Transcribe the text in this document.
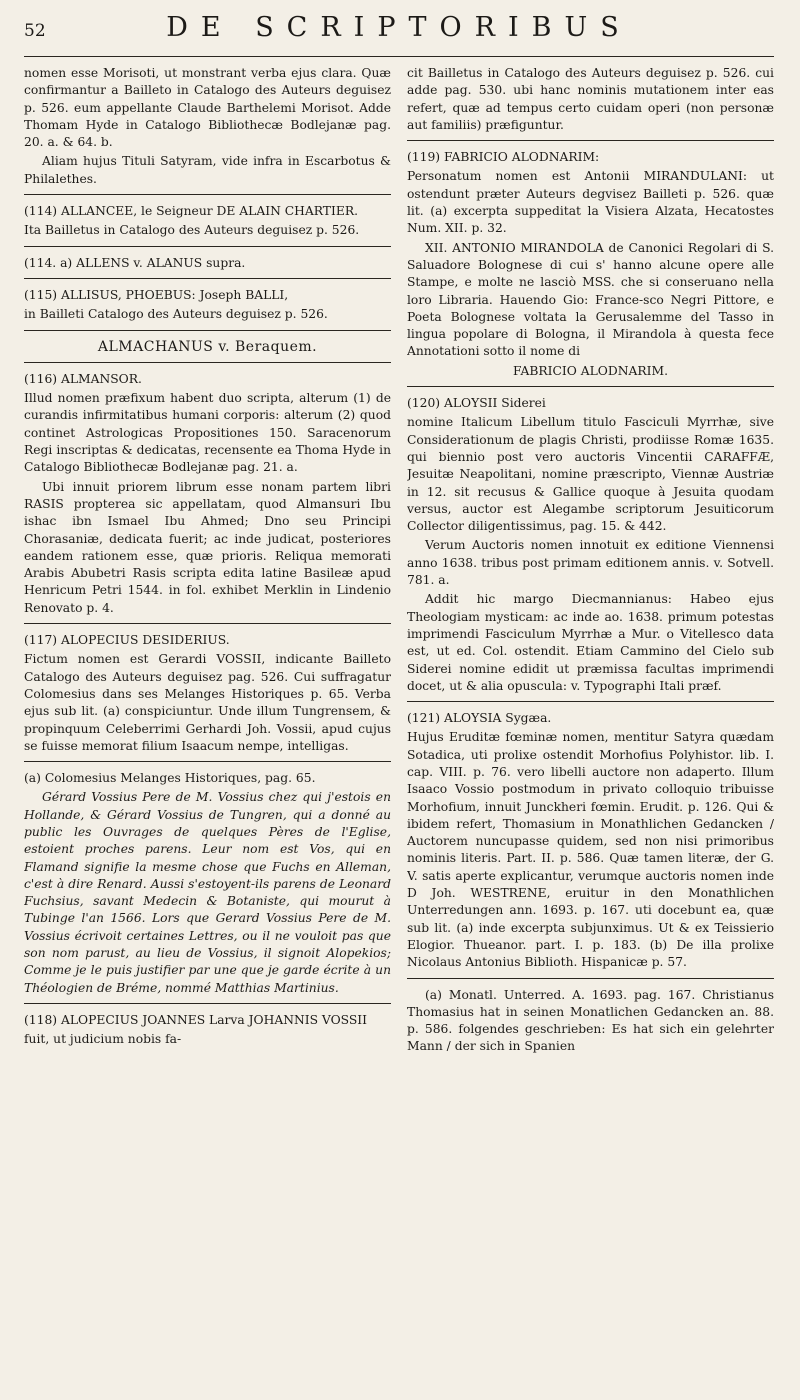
52	DE SCRIPTORIBUS

nomen esse Morisoti, ut monstrant verba ejus clara. Quæ confirmantur a Bailleto in Catalogo des Auteurs deguisez p. 526. eum appellante Claude Barthelemi Morisot. Adde Thomam Hyde in Catalogo Bibliothecæ Bodlejanæ pag. 20. a. & 64. b.

Aliam hujus Tituli Satyram, vide infra in Escarbotus & Philalethes.

(114) ALLANCEE, le Seigneur DE ALAIN CHARTIER.

Ita Bailletus in Catalogo des Auteurs deguisez p. 526.

(114. a) ALLENS v. ALANUS supra.

(115) ALLISUS, PHOEBUS: Joseph BALLI,

in Bailleti Catalogo des Auteurs deguisez p. 526.

ALMACHANUS v. Beraquem.

(116) ALMANSOR.

Illud nomen præfixum habent duo scripta, alterum (1) de curandis infirmitatibus humani corporis: alterum (2) quod continet Astrologicas Propositiones 150. Saracenorum Regi inscriptas & dedicatas, recensente ea Thoma Hyde in Catalogo Bibliothecæ Bodlejanæ pag. 21. a.

Ubi innuit priorem librum esse nonam partem libri RASIS propterea sic appellatam, quod Almansuri Ibu ishac ibn Ismael Ibu Ahmed; Dno seu Principi Chorasaniæ, dedicata fuerit; ac inde judicat, posteriores eandem rationem esse, quæ prioris. Reliqua memorati Arabis Abubetri Rasis scripta edita latine Basileæ apud Henricum Petri 1544. in fol. exhibet Merklin in Lindenio Renovato p. 4.

(117) ALOPECIUS DESIDERIUS.

Fictum nomen est Gerardi VOSSII, indicante Bailleto Catalogo des Auteurs deguisez pag. 526. Cui suffragatur Colomesius dans ses Melanges Historiques p. 65. Verba ejus sub lit. (a) conspiciuntur. Unde illum Tungrensem, & propinquum Celeberrimi Gerhardi Joh. Vossii, apud cujus se fuisse memorat filium Isaacum nempe, intelligas.

(a) Colomesius Melanges Historiques, pag. 65.

Gérard Vossius Pere de M. Vossius chez qui j'estois en Hollande, & Gérard Vossius de Tungren, qui a donné au public les Ouvrages de quelques Pères de l'Eglise, estoient proches parens. Leur nom est Vos, qui en Flamand signifie la mesme chose que Fuchs en Alleman, c'est à dire Renard. Aussi s'estoyent-ils parens de Leonard Fuchsius, savant Medecin & Botaniste, qui mourut à Tubinge l'an 1566. Lors que Gerard Vossius Pere de M. Vossius écrivoit certaines Lettres, ou il ne vouloit pas que son nom parust, au lieu de Vossius, il signoit Alopekios; Comme je le puis justifier par une que je garde écrite à un Théologien de Bréme, nommé Matthias Martinius.

(118) ALOPECIUS JOANNES Larva JOHANNIS VOSSII

fuit, ut judicium nobis fa-

cit Bailletus in Catalogo des Auteurs deguisez p. 526. cui adde pag. 530. ubi hanc nominis mutationem inter eas refert, quæ ad tempus certo cuidam operi (non personæ aut familiis) præfiguntur.

(119) FABRICIO ALODNARIM:

Personatum nomen est Antonii MIRANDULANI: ut ostendunt præter Auteurs degvisez Bailleti p. 526. quæ lit. (a) excerpta suppeditat la Visiera Alzata, Hecatostes Num. XII. p. 32.

XII. ANTONIO MIRANDOLA de Canonici Regolari di S. Saluadore Bolognese di cui s' hanno alcune opere alle Stampe, e molte ne lasciò MSS. che si conseruano nella loro Libraria. Hauendo Gio: France-sco Negri Pittore, e Poeta Bolognese voltata la Gerusalemme del Tasso in lingua popolare di Bologna, il Mirandola à questa fece Annotationi sotto il nome di

FABRICIO ALODNARIM.

(120) ALOYSII Siderei

nomine Italicum Libellum titulo Fasciculi Myrrhæ, sive Considerationum de plagis Christi, prodiisse Romæ 1635. qui biennio post vero auctoris Vincentii CARAFFÆ, Jesuitæ Neapolitani, nomine præscripto, Viennæ Austriæ in 12. sit recusus & Gallice quoque à Jesuita quodam versus, auctor est Alegambe scriptorum Jesuiticorum Collector diligentissimus, pag. 15. & 442.

Verum Auctoris nomen innotuit ex editione Viennensi anno 1638. tribus post primam editionem annis. v. Sotvell. 781. a.

Addit hic margo Diecmannianus: Habeo ejus Theologiam mysticam: ac inde ao. 1638. primum potestas imprimendi Fasciculum Myrrhæ a Mur. o Vitellesco data est, ut ed. Col. ostendit. Etiam Cammino del Cielo sub Siderei nomine edidit ut præmissa facultas imprimendi docet, ut & alia opuscula: v. Typographi Itali præf.

(121) ALOYSIA Sygæa.

Hujus Eruditæ fœminæ nomen, mentitur Satyra quædam Sotadica, uti prolixe ostendit Morhofius Polyhistor. lib. I. cap. VIII. p. 76. vero libelli auctore non adaperto. Illum Isaaco Vossio postmodum in privato colloquio tribuisse Morhofium, innuit Junckheri fœmin. Erudit. p. 126. Qui & ibidem refert, Thomasium in Monathlichen Gedancken / Auctorem nuncupasse quidem, sed non nisi primoribus nominis literis. Part. II. p. 586. Quæ tamen literæ, der G. V. satis aperte explicantur, verumque auctoris nomen inde D Joh. WESTRENE, eruitur in den Monathlichen Unterredungen ann. 1693. p. 167. uti docebunt ea, quæ sub lit. (a) inde excerpta subjunximus. Ut & ex Teissierio Elogior. Thueanor. part. I. p. 183. (b) De illa prolixe Nicolaus Antonius Biblioth. Hispanicæ p. 57.

(a) Monatl. Unterred. A. 1693. pag. 167. Christianus Thomasius hat in seinen Monatlichen Gedancken an. 88. p. 586. folgendes geschrieben: Es hat sich ein gelehrter Mann / der sich in Spanien
